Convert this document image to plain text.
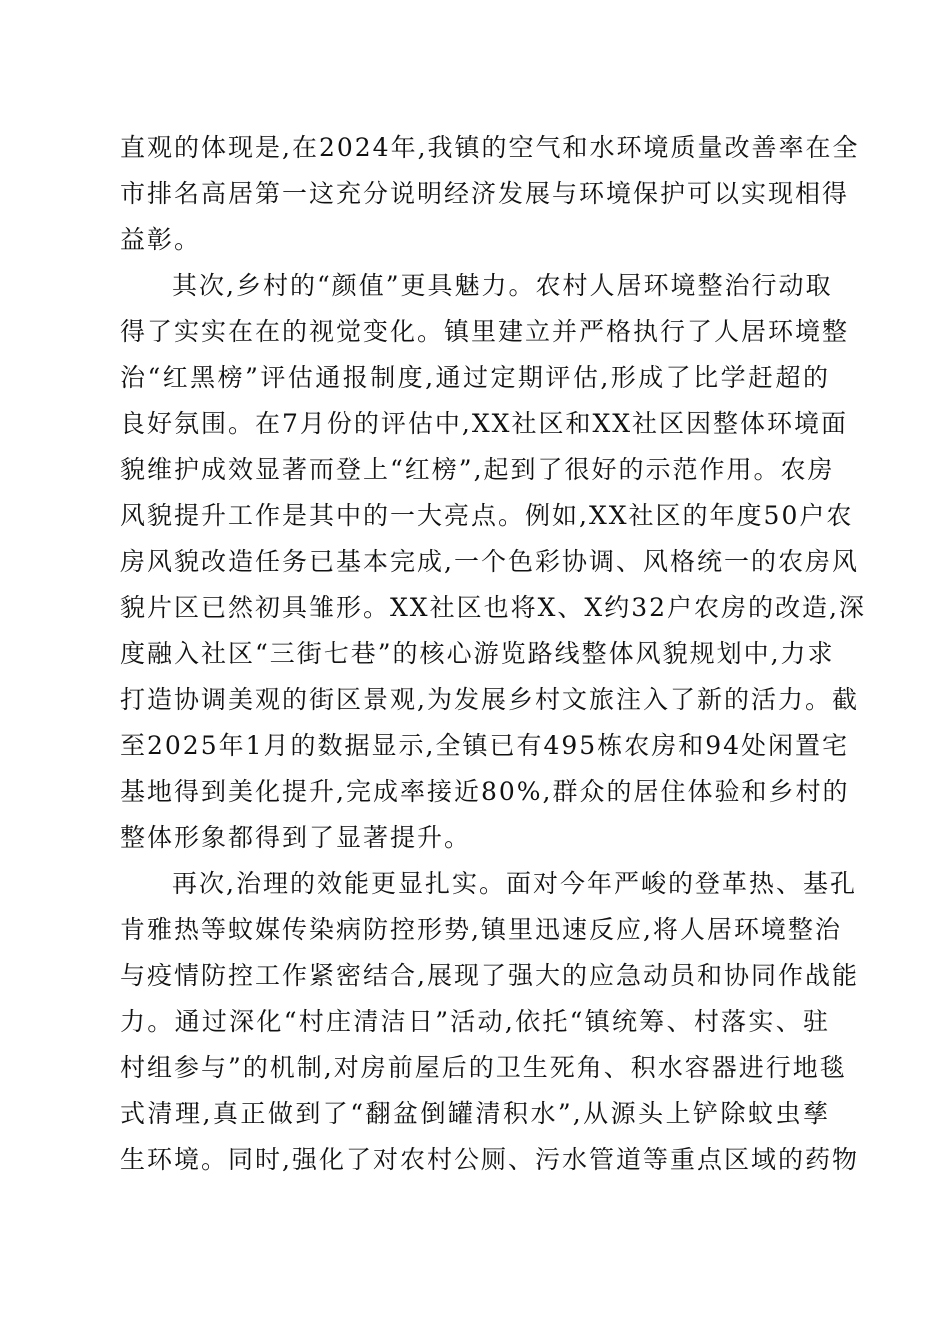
直观的体现是,在2024年,我镇的空气和水环境质量改善率在全
市排名高居第一这充分说明经济发展与环境保护可以实现相得
益彰。
其次,乡村的“颜值”更具魅力。农村人居环境整治行动取
得了实实在在的视觉变化。镇里建立并严格执行了人居环境整
治“红黑榜”评估通报制度,通过定期评估,形成了比学赶超的
良好氛围。在7月份的评估中,XX社区和XX社区因整体环境面
貌维护成效显著而登上“红榜”,起到了很好的示范作用。农房
风貌提升工作是其中的一大亮点。例如,XX社区的年度50户农
房风貌改造任务已基本完成,一个色彩协调、风格统一的农房风
貌片区已然初具雏形。XX社区也将X、X约32户农房的改造,深
度融入社区“三街七巷”的核心游览路线整体风貌规划中,力求
打造协调美观的街区景观,为发展乡村文旅注入了新的活力。截
至2025年1月的数据显示,全镇已有495栋农房和94处闲置宅
基地得到美化提升,完成率接近80%,群众的居住体验和乡村的
整体形象都得到了显著提升。
再次,治理的效能更显扎实。面对今年严峻的登革热、基孔
肯雅热等蚊媒传染病防控形势,镇里迅速反应,将人居环境整治
与疫情防控工作紧密结合,展现了强大的应急动员和协同作战能
力。通过深化“村庄清洁日”活动,依托“镇统筹、村落实、驻
村组参与”的机制,对房前屋后的卫生死角、积水容器进行地毯
式清理,真正做到了“翻盆倒罐清积水”,从源头上铲除蚊虫孳
生环境。同时,强化了对农村公厕、污水管道等重点区域的药物
